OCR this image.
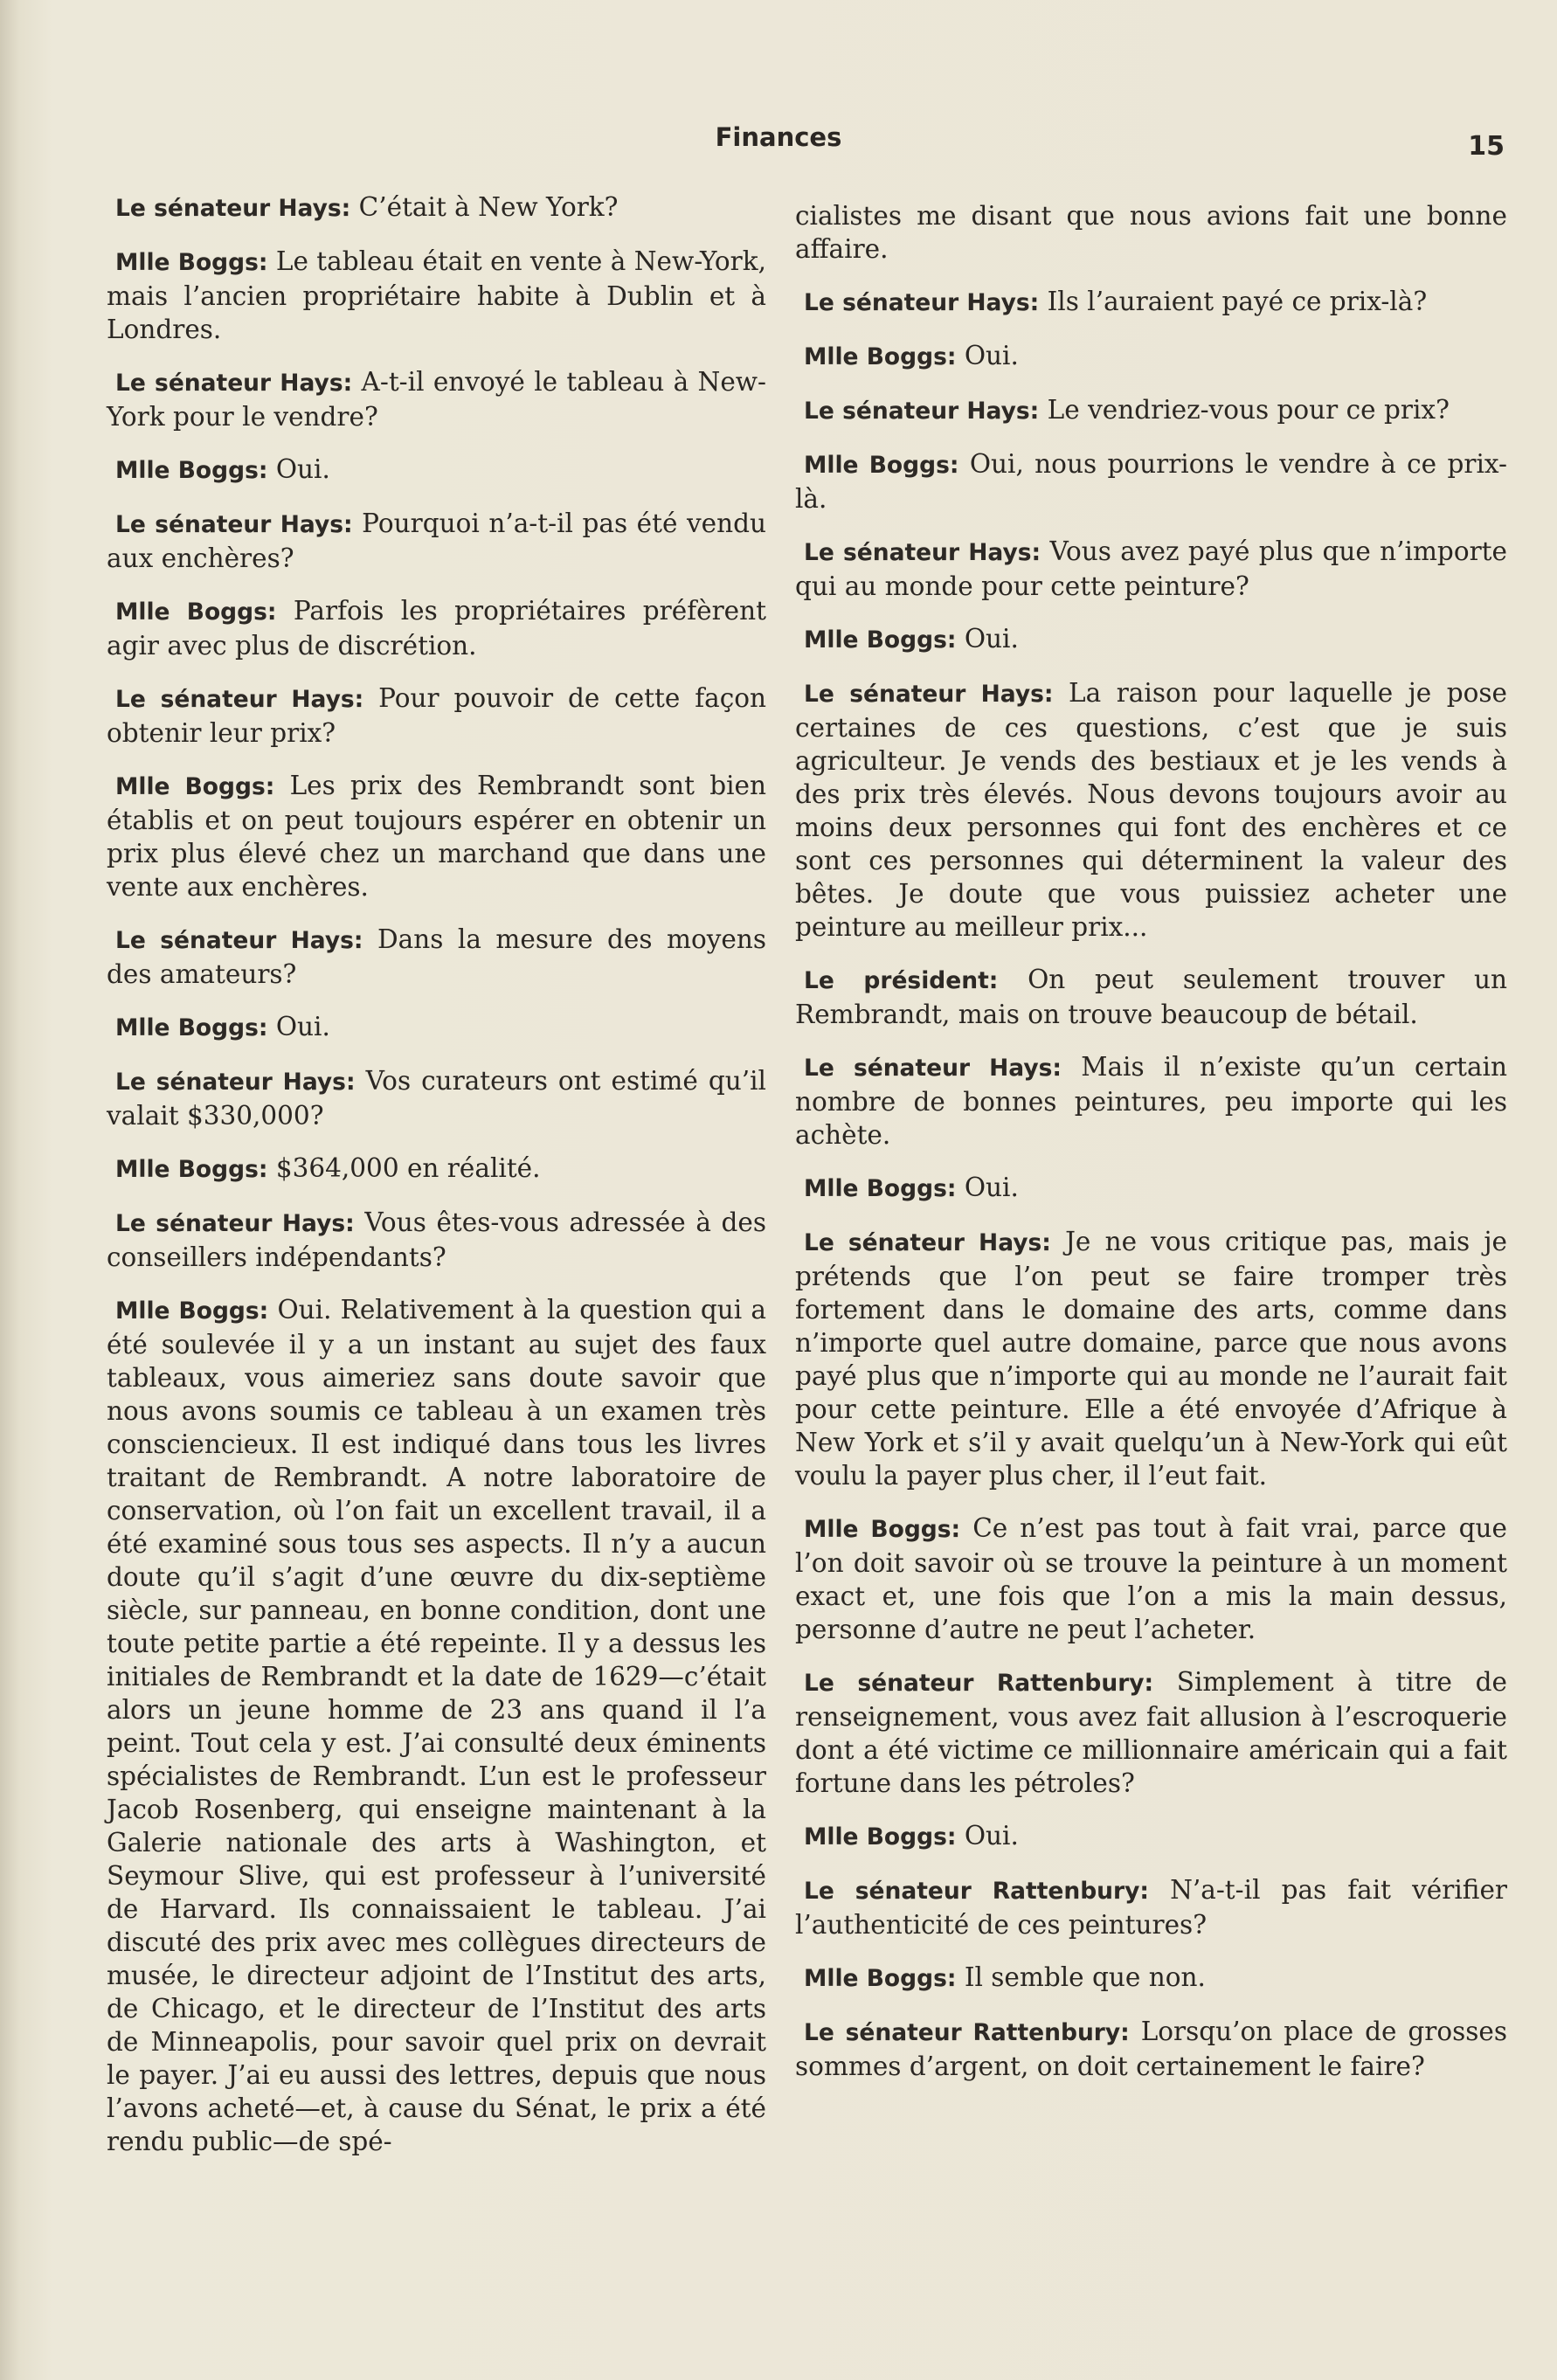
Finances	15

Le sénateur Hays: C’était à New York?

Mlle Boggs: Le tableau était en vente à New-York, mais l’ancien propriétaire habite à Dublin et à Londres.

Le sénateur Hays: A-t-il envoyé le tableau à New-York pour le vendre?

Mlle Boggs: Oui.

Le sénateur Hays: Pourquoi n’a-t-il pas été vendu aux enchères?

Mlle Boggs: Parfois les propriétaires préfèrent agir avec plus de discrétion.

Le sénateur Hays: Pour pouvoir de cette façon obtenir leur prix?

Mlle Boggs: Les prix des Rembrandt sont bien établis et on peut toujours espérer en obtenir un prix plus élevé chez un marchand que dans une vente aux enchères.

Le sénateur Hays: Dans la mesure des moyens des amateurs?

Mlle Boggs: Oui.

Le sénateur Hays: Vos curateurs ont estimé qu’il valait $330,000?

Mlle Boggs: $364,000 en réalité.

Le sénateur Hays: Vous êtes-vous adressée à des conseillers indépendants?

Mlle Boggs: Oui. Relativement à la question qui a été soulevée il y a un instant au sujet des faux tableaux, vous aimeriez sans doute savoir que nous avons soumis ce tableau à un examen très consciencieux. Il est indiqué dans tous les livres traitant de Rembrandt. A notre laboratoire de conservation, où l’on fait un excellent travail, il a été examiné sous tous ses aspects. Il n’y a aucun doute qu’il s’agit d’une œuvre du dix-septième siècle, sur panneau, en bonne condition, dont une toute petite partie a été repeinte. Il y a dessus les initiales de Rembrandt et la date de 1629—c’était alors un jeune homme de 23 ans quand il l’a peint. Tout cela y est. J’ai consulté deux éminents spécialistes de Rembrandt. L’un est le professeur Jacob Rosenberg, qui enseigne maintenant à la Galerie nationale des arts à Washington, et Seymour Slive, qui est professeur à l’université de Harvard. Ils connaissaient le tableau. J’ai discuté des prix avec mes collègues directeurs de musée, le directeur adjoint de l’Institut des arts, de Chicago, et le directeur de l’Institut des arts de Minneapolis, pour savoir quel prix on devrait le payer. J’ai eu aussi des lettres, depuis que nous l’avons acheté—et, à cause du Sénat, le prix a été rendu public—de spé-

cialistes me disant que nous avions fait une bonne affaire.

Le sénateur Hays: Ils l’auraient payé ce prix-là?

Mlle Boggs: Oui.

Le sénateur Hays: Le vendriez-vous pour ce prix?

Mlle Boggs: Oui, nous pourrions le vendre à ce prix-là.

Le sénateur Hays: Vous avez payé plus que n’importe qui au monde pour cette peinture?

Mlle Boggs: Oui.

Le sénateur Hays: La raison pour laquelle je pose certaines de ces questions, c’est que je suis agriculteur. Je vends des bestiaux et je les vends à des prix très élevés. Nous devons toujours avoir au moins deux personnes qui font des enchères et ce sont ces personnes qui déterminent la valeur des bêtes. Je doute que vous puissiez acheter une peinture au meilleur prix...

Le président: On peut seulement trouver un Rembrandt, mais on trouve beaucoup de bétail.

Le sénateur Hays: Mais il n’existe qu’un certain nombre de bonnes peintures, peu importe qui les achète.

Mlle Boggs: Oui.

Le sénateur Hays: Je ne vous critique pas, mais je prétends que l’on peut se faire tromper très fortement dans le domaine des arts, comme dans n’importe quel autre domaine, parce que nous avons payé plus que n’importe qui au monde ne l’aurait fait pour cette peinture. Elle a été envoyée d’Afrique à New York et s’il y avait quelqu’un à New-York qui eût voulu la payer plus cher, il l’eut fait.

Mlle Boggs: Ce n’est pas tout à fait vrai, parce que l’on doit savoir où se trouve la peinture à un moment exact et, une fois que l’on a mis la main dessus, personne d’autre ne peut l’acheter.

Le sénateur Rattenbury: Simplement à titre de renseignement, vous avez fait allusion à l’escroquerie dont a été victime ce millionnaire américain qui a fait fortune dans les pétroles?

Mlle Boggs: Oui.

Le sénateur Rattenbury: N’a-t-il pas fait vérifier l’authenticité de ces peintures?

Mlle Boggs: Il semble que non.

Le sénateur Rattenbury: Lorsqu’on place de grosses sommes d’argent, on doit certainement le faire?
